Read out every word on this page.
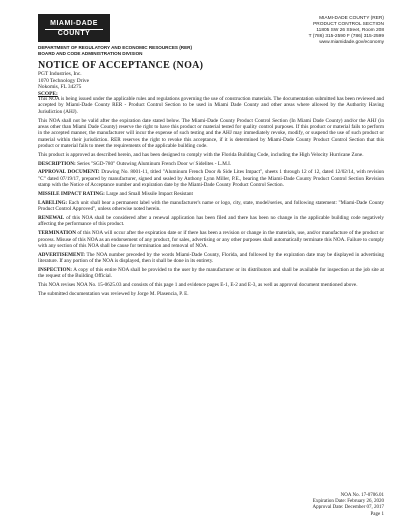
MIAMI-DADE
COUNTY
DEPARTMENT OF REGULATORY AND ECONOMIC RESOURCES (RER)
BOARD AND CODE ADMINISTRATION DIVISION
MIAMI-DADE COUNTY (RER)
PRODUCT CONTROL SECTION
11805 SW 26 Street, Room 208
T (786) 315-2590 F (786) 315-2599
www.miamidade.gov/economy
NOTICE OF ACCEPTANCE (NOA)
PGT Industries, Inc.
1070 Technology Drive
Nokomis, FL 34275
SCOPE:

This NOA is being issued under the applicable rules and regulations governing the use of construction materials. The documentation submitted has been reviewed and accepted by Miami-Dade County RER - Product Control Section to be used in Miami Dade County and other areas where allowed by the Authority Having Jurisdiction (AHJ).

This NOA shall not be valid after the expiration date stated below. The Miami-Dade County Product Control Section (In Miami Dade County) and/or the AHJ (in areas other than Miami Dade County) reserve the right to have this product or material tested for quality control purposes. If this product or material fails to perform in the accepted manner, the manufacturer will incur the expense of such testing and the AHJ may immediately revoke, modify, or suspend the use of such product or material within their jurisdiction. RER reserves the right to revoke this acceptance, if it is determined by Miami-Dade County Product Control Section that this product or material fails to meet the requirements of the applicable building code.

This product is approved as described herein, and has been designed to comply with the Florida Building Code, including the High Velocity Hurricane Zone.

DESCRIPTION: Series "SGD-780" Outswing Aluminum French Door w/ Sidelites - L.M.I.

APPROVAL DOCUMENT: Drawing No. 8001-11, titled "Aluminum French Door & Side Lites Impact", sheets 1 through 12 of 12, dated 12/02/14, with revision "C" dated 07/19/17, prepared by manufacturer, signed and sealed by Anthony Lynn Miller, P.E., bearing the Miami-Dade County Product Control Section Revision stamp with the Notice of Acceptance number and expiration date by the Miami-Dade County Product Control Section.

MISSILE IMPACT RATING: Large and Small Missile Impact Resistant

LABELING: Each unit shall bear a permanent label with the manufacturer's name or logo, city, state, model/series, and following statement: "Miami-Dade County Product Control Approved", unless otherwise noted herein.

RENEWAL of this NOA shall be considered after a renewal application has been filed and there has been no change in the applicable building code negatively affecting the performance of this product.

TERMINATION of this NOA will occur after the expiration date or if there has been a revision or change in the materials, use, and/or manufacture of the product or process. Misuse of this NOA as an endorsement of any product, for sales, advertising or any other purposes shall automatically terminate this NOA. Failure to comply with any section of this NOA shall be cause for termination and removal of NOA.

ADVERTISEMENT: The NOA number preceded by the words Miami-Dade County, Florida, and followed by the expiration date may be displayed in advertising literature. If any portion of the NOA is displayed, then it shall be done in its entirety.

INSPECTION: A copy of this entire NOA shall be provided to the user by the manufacturer or its distributors and shall be available for inspection at the job site at the request of the Building Official.

This NOA revises NOA No. 15-0625.03 and consists of this page 1 and evidence pages E-1, E-2 and E-3, as well as approval document mentioned above.

The submitted documentation was reviewed by Jorge M. Plasencia, P. E.

NOA No. 17-0706.01
Expiration Date: February 26, 2020
Approval Date: December 07, 2017
Page 1
